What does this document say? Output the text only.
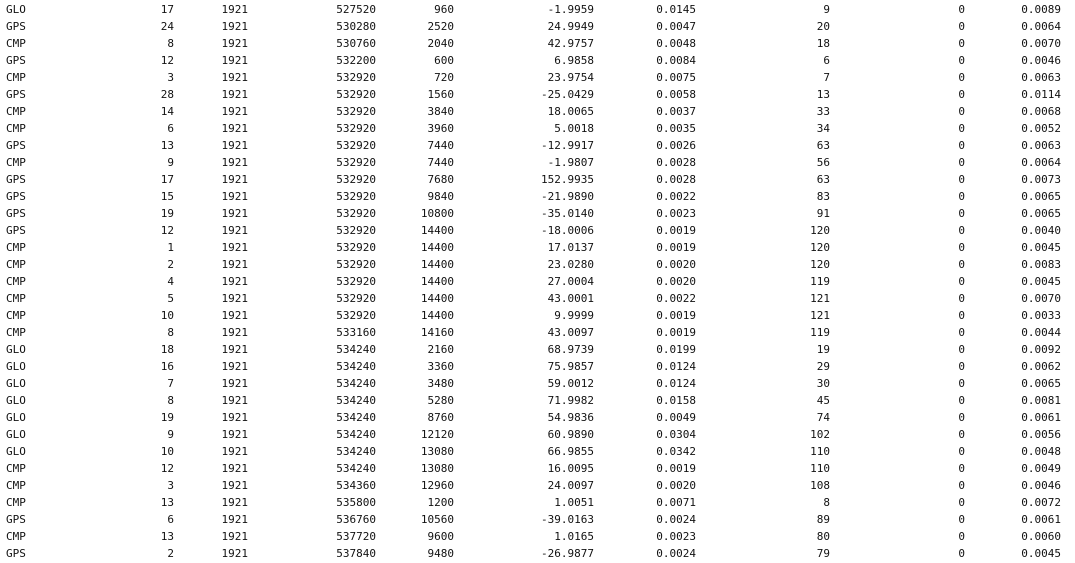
GLO	17	1921	527520	960	-1.9959	0.0145	9	0	0.0089
GPS	24	1921	530280	2520	24.9949	0.0047	20	0	0.0064
CMP	8	1921	530760	2040	42.9757	0.0048	18	0	0.0070
GPS	12	1921	532200	600	6.9858	0.0084	6	0	0.0046
CMP	3	1921	532920	720	23.9754	0.0075	7	0	0.0063
GPS	28	1921	532920	1560	-25.0429	0.0058	13	0	0.0114
CMP	14	1921	532920	3840	18.0065	0.0037	33	0	0.0068
CMP	6	1921	532920	3960	5.0018	0.0035	34	0	0.0052
GPS	13	1921	532920	7440	-12.9917	0.0026	63	0	0.0063
CMP	9	1921	532920	7440	-1.9807	0.0028	56	0	0.0064
GPS	17	1921	532920	7680	152.9935	0.0028	63	0	0.0073
GPS	15	1921	532920	9840	-21.9890	0.0022	83	0	0.0065
GPS	19	1921	532920	10800	-35.0140	0.0023	91	0	0.0065
GPS	12	1921	532920	14400	-18.0006	0.0019	120	0	0.0040
CMP	1	1921	532920	14400	17.0137	0.0019	120	0	0.0045
CMP	2	1921	532920	14400	23.0280	0.0020	120	0	0.0083
CMP	4	1921	532920	14400	27.0004	0.0020	119	0	0.0045
CMP	5	1921	532920	14400	43.0001	0.0022	121	0	0.0070
CMP	10	1921	532920	14400	9.9999	0.0019	121	0	0.0033
CMP	8	1921	533160	14160	43.0097	0.0019	119	0	0.0044
GLO	18	1921	534240	2160	68.9739	0.0199	19	0	0.0092
GLO	16	1921	534240	3360	75.9857	0.0124	29	0	0.0062
GLO	7	1921	534240	3480	59.0012	0.0124	30	0	0.0065
GLO	8	1921	534240	5280	71.9982	0.0158	45	0	0.0081
GLO	19	1921	534240	8760	54.9836	0.0049	74	0	0.0061
GLO	9	1921	534240	12120	60.9890	0.0304	102	0	0.0056
GLO	10	1921	534240	13080	66.9855	0.0342	110	0	0.0048
CMP	12	1921	534240	13080	16.0095	0.0019	110	0	0.0049
CMP	3	1921	534360	12960	24.0097	0.0020	108	0	0.0046
CMP	13	1921	535800	1200	1.0051	0.0071	8	0	0.0072
GPS	6	1921	536760	10560	-39.0163	0.0024	89	0	0.0061
CMP	13	1921	537720	9600	1.0165	0.0023	80	0	0.0060
GPS	2	1921	537840	9480	-26.9877	0.0024	79	0	0.0045
